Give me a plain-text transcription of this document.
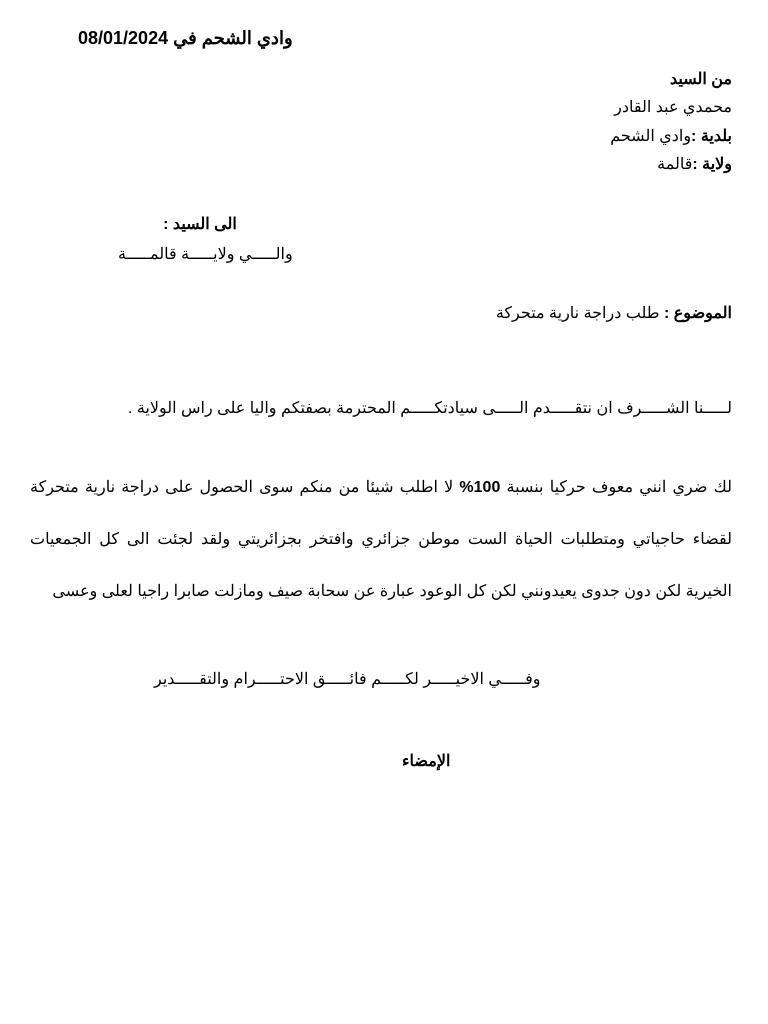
وادي الشحم في 08/01/2024
من السيد
محمدي عبد القادر
بلدية :وادي الشحم
ولاية :قالمة
الى السيد :
والـــــي ولايـــــة قالمـــــة
الموضوع : طلب دراجة نارية متحركة
لـــــنا الشـــــرف ان نتقـــــدم الـــــى سيادتكـــــم المحترمة بصفتكم واليا على راس الولاية .
لك ضري انني معوف حركيا بنسبة 100% لا اطلب شيئا من منكم سوى الحصول على دراجة نارية متحركة لقضاء حاجياتي ومتطلبات الحياة الست موطن جزائري وافتخر بجزائريتي ولقد لجئت الى كل الجمعيات الخيرية لكن دون جدوى يعيدونني لكن كل الوعود عبارة عن سحابة صيف ومازلت صابرا راجيا لعلى وعسى
وفـــــي الاخيـــــر لكـــــم فائـــــق الاحتـــــرام والتقـــــدير
الإمضاء
